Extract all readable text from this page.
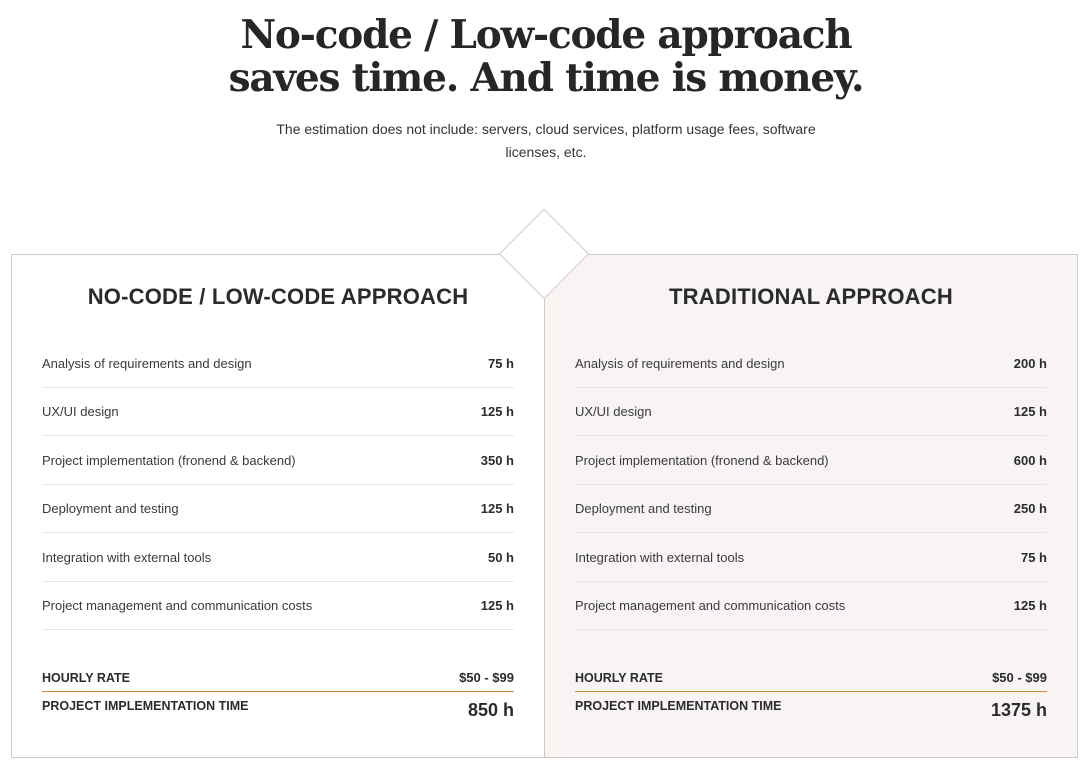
No-code / Low-code approach
saves time. And time is money.

The estimation does not include: servers, cloud services, platform usage fees, software licenses, etc.

NO-CODE / LOW-CODE APPROACH
Analysis of requirements and design	75 h
UX/UI design	125 h
Project implementation (fronend & backend)	350 h
Deployment and testing	125 h
Integration with external tools	50 h
Project management and communication costs	125 h
HOURLY RATE	$50 - $99
PROJECT IMPLEMENTATION TIME	850 h
TRADITIONAL APPROACH
Analysis of requirements and design	200 h
UX/UI design	125 h
Project implementation (fronend & backend)	600 h
Deployment and testing	250 h
Integration with external tools	75 h
Project management and communication costs	125 h
HOURLY RATE	$50 - $99
PROJECT IMPLEMENTATION TIME	1375 h
